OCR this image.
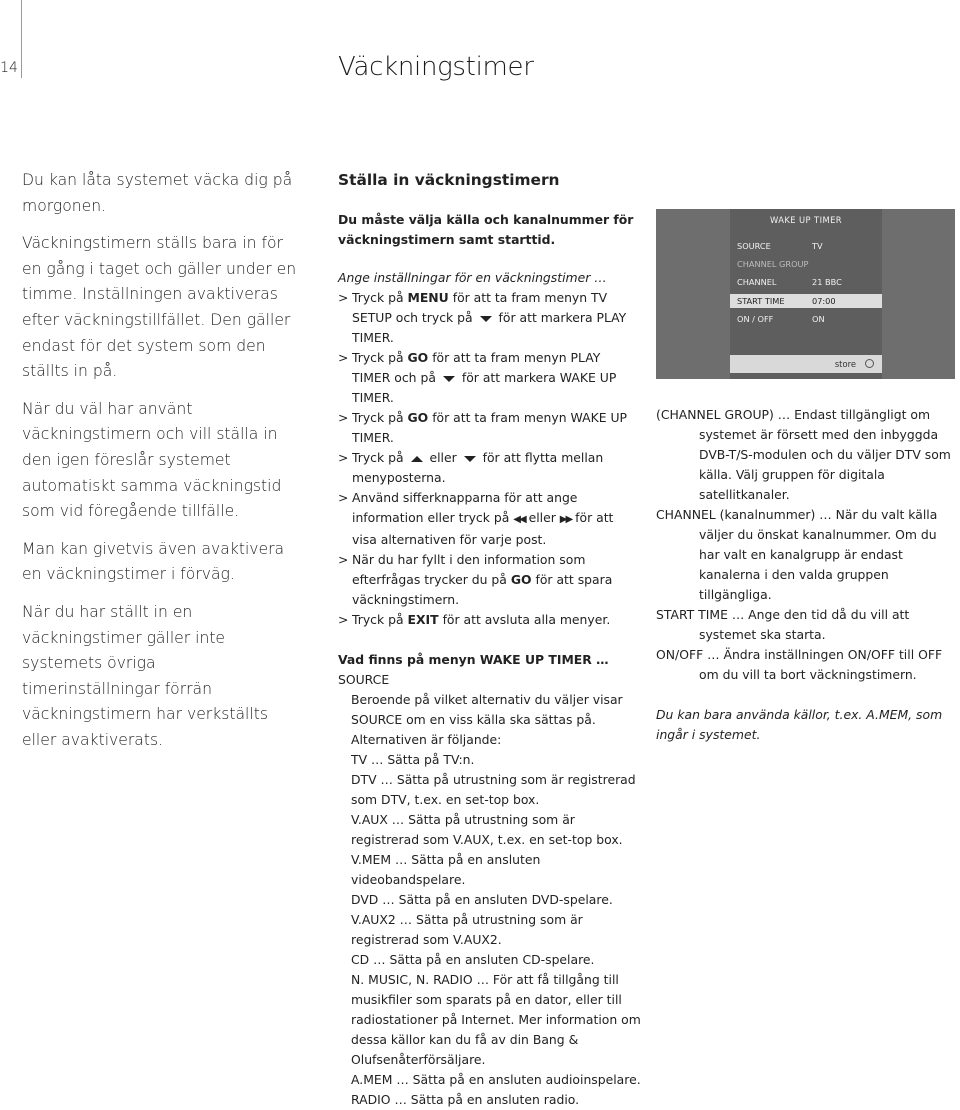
14	Väckningstimer

Du kan låta systemet väcka dig på morgonen.

Väckningstimern ställs bara in för en gång i taget och gäller under en timme. Inställningen avaktiveras efter väckningstillfället. Den gäller endast för det system som den ställts in på.

När du väl har använt väckningstimern och vill ställa in den igen föreslår systemet automatiskt samma väckningstid som vid föregående tillfälle.

Man kan givetvis även avaktivera en väckningstimer i förväg.

När du har ställt in en väckningstimer gäller inte systemets övriga timerinställningar förrän väckningstimern har verkställts eller avaktiverats.

Ställa in väckningstimern

Du måste välja källa och kanalnummer för väckningstimern samt starttid.

Ange inställningar för en väckningstimer …

> Tryck på MENU för att ta fram menyn TV SETUP och tryck på för att markera PLAY TIMER.

> Tryck på GO för att ta fram menyn PLAY TIMER och på för att markera WAKE UP TIMER.

> Tryck på GO för att ta fram menyn WAKE UP TIMER.

> Tryck på eller för att flytta mellan menyposterna.

> Använd sifferknapparna för att ange information eller tryck på ◀◀ eller ▶▶ för att visa alternativen för varje post.

> När du har fyllt i den information som efterfrågas trycker du på GO för att spara väckningstimern.

> Tryck på EXIT för att avsluta alla menyer.

Vad finns på menyn WAKE UP TIMER …

SOURCE

Beroende på vilket alternativ du väljer visar SOURCE om en viss källa ska sättas på. Alternativen är följande:

TV … Sätta på TV:n.

DTV … Sätta på utrustning som är registrerad som DTV, t.ex. en set-top box.

V.AUX … Sätta på utrustning som är registrerad som V.AUX, t.ex. en set-top box.

V.MEM … Sätta på en ansluten videobandspelare.

DVD … Sätta på en ansluten DVD-spelare.

V.AUX2 … Sätta på utrustning som är registrerad som V.AUX2.

CD … Sätta på en ansluten CD-spelare.

N. MUSIC, N. RADIO … För att få tillgång till musikfiler som sparats på en dator, eller till radiostationer på Internet. Mer information om dessa källor kan du få av din Bang & Olufsenåterförsäljare.

A.MEM … Sätta på en ansluten audioinspelare.

RADIO … Sätta på en ansluten radio.

WAKE UP TIMER
SOURCE	TV
CHANNEL GROUP
CHANNEL	21 BBC
START TIME	07:00
ON / OFF	ON
store

(CHANNEL GROUP) … Endast tillgängligt om systemet är försett med den inbyggda DVB-T/S-modulen och du väljer DTV som källa. Välj gruppen för digitala satellitkanaler.

CHANNEL (kanalnummer) … När du valt källa väljer du önskat kanalnummer. Om du har valt en kanalgrupp är endast kanalerna i den valda gruppen tillgängliga.

START TIME … Ange den tid då du vill att systemet ska starta.

ON/OFF … Ändra inställningen ON/OFF till OFF om du vill ta bort väckningstimern.

Du kan bara använda källor, t.ex. A.MEM, som ingår i systemet.
